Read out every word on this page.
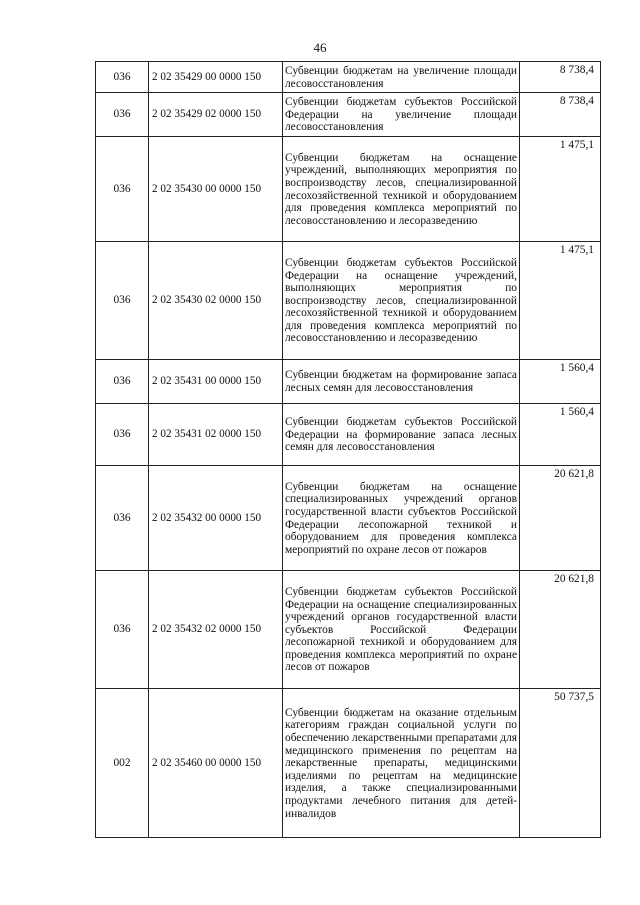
46
036	2 02 35429 00 0000 150	Субвенции бюджетам на увеличение площади лесовосстановления	8 738,4
036	2 02 35429 02 0000 150	Субвенции бюджетам субъектов Российской Федерации на увеличение площади лесовосстановления	8 738,4
036	2 02 35430 00 0000 150	Субвенции бюджетам на оснащение учреждений, выполняющих мероприятия по воспроизводству лесов, специализированной лесохозяйственной техникой и оборудованием для проведения комплекса мероприятий по лесовосстановлению и лесоразведению	1 475,1
036	2 02 35430 02 0000 150	Субвенции бюджетам субъектов Российской Федерации на оснащение учреждений, выполняющих мероприятия по воспроизводству лесов, специализированной лесохозяйственной техникой и оборудованием для проведения комплекса мероприятий по лесовосстановлению и лесоразведению	1 475,1
036	2 02 35431 00 0000 150	Субвенции бюджетам на формирование запаса лесных семян для лесовосстановления	1 560,4
036	2 02 35431 02 0000 150	Субвенции бюджетам субъектов Российской Федерации на формирование запаса лесных семян для лесовосстановления	1 560,4
036	2 02 35432 00 0000 150	Субвенции бюджетам на оснащение специализированных учреждений органов государственной власти субъектов Российской Федерации лесопожарной техникой и оборудованием для проведения комплекса мероприятий по охране лесов от пожаров	20 621,8
036	2 02 35432 02 0000 150	Субвенции бюджетам субъектов Российской Федерации на оснащение специализированных учреждений органов государственной власти субъектов Российской Федерации лесопожарной техникой и оборудованием для проведения комплекса мероприятий по охране лесов от пожаров	20 621,8
002	2 02 35460 00 0000 150	Субвенции бюджетам на оказание отдельным категориям граждан социальной услуги по обеспечению лекарственными препаратами для медицинского применения по рецептам на лекарственные препараты, медицинскими изделиями по рецептам на медицинские изделия, а также специализированными продуктами лечебного питания для детей-инвалидов	50 737,5
